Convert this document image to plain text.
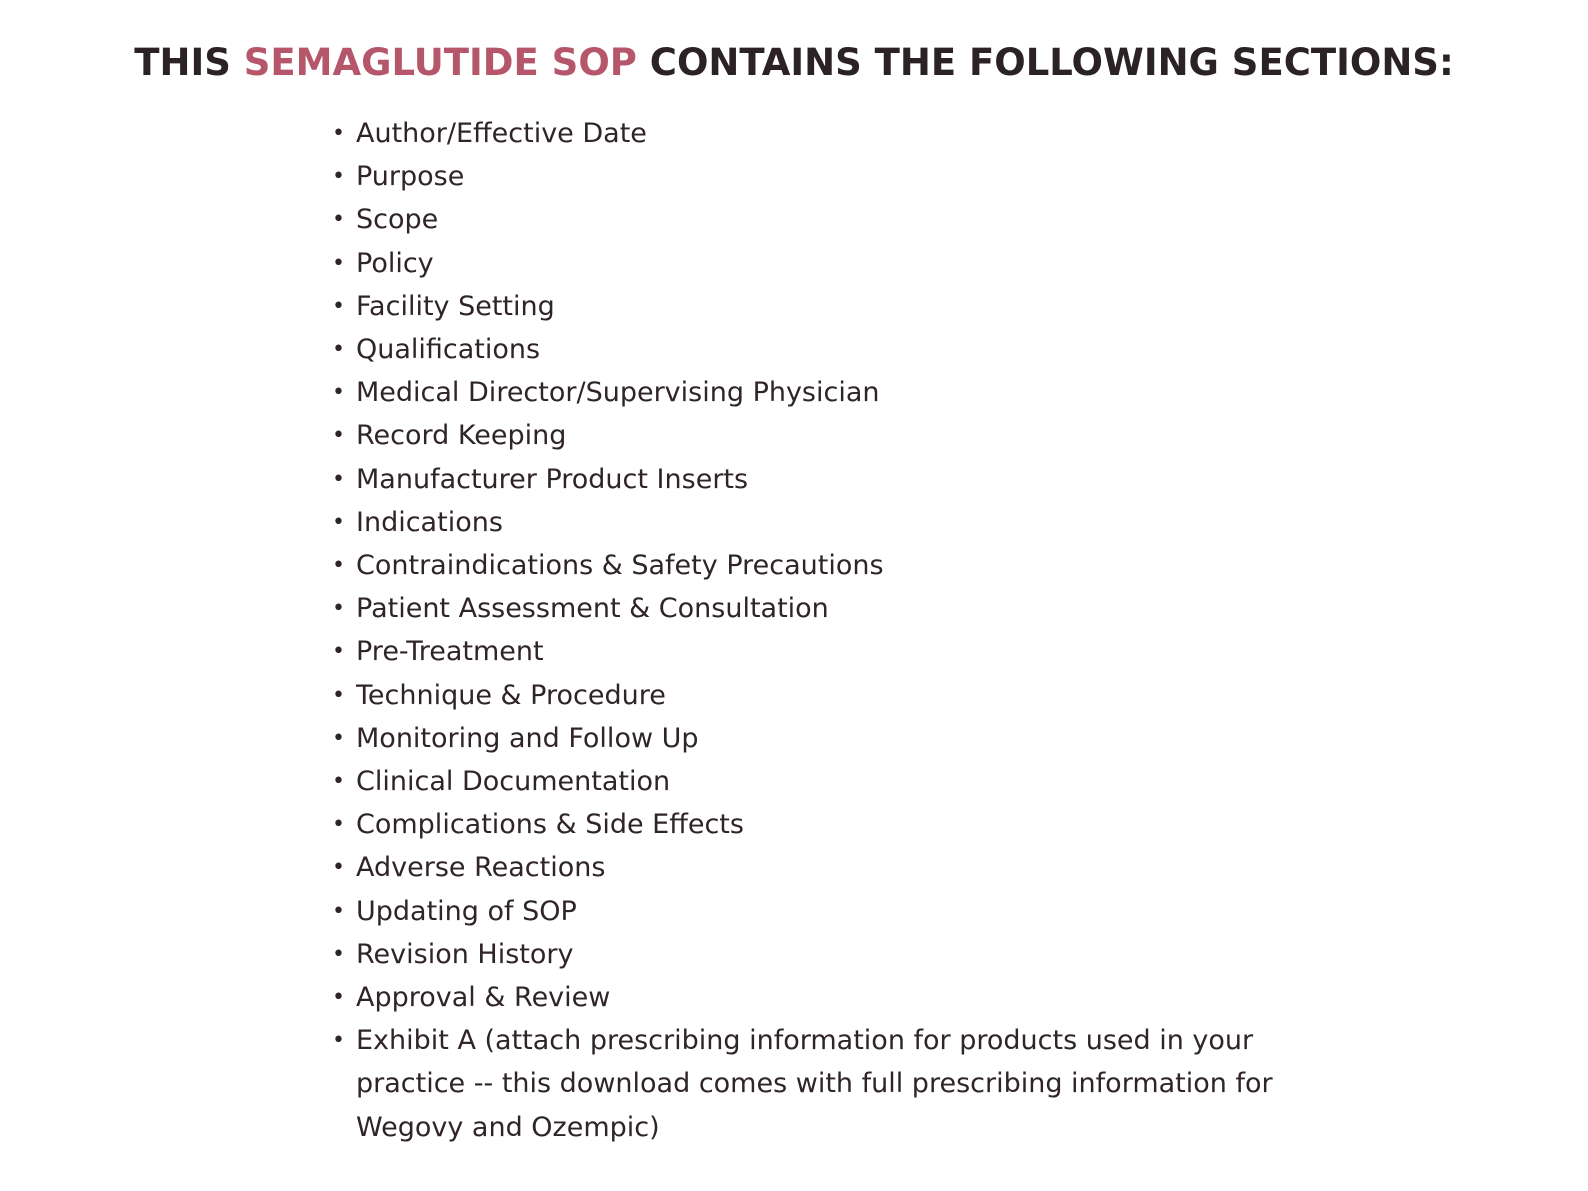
THIS SEMAGLUTIDE SOP CONTAINS THE FOLLOWING SECTIONS:
• Author/Effective Date
• Purpose
• Scope
• Policy
• Facility Setting
• Qualifications
• Medical Director/Supervising Physician
• Record Keeping
• Manufacturer Product Inserts
• Indications
• Contraindications & Safety Precautions
• Patient Assessment & Consultation
• Pre-Treatment
• Technique & Procedure
• Monitoring and Follow Up
• Clinical Documentation
• Complications & Side Effects
• Adverse Reactions
• Updating of SOP
• Revision History
• Approval & Review
• Exhibit A (attach prescribing information for products used in your practice -- this download comes with full prescribing information for Wegovy and Ozempic)
